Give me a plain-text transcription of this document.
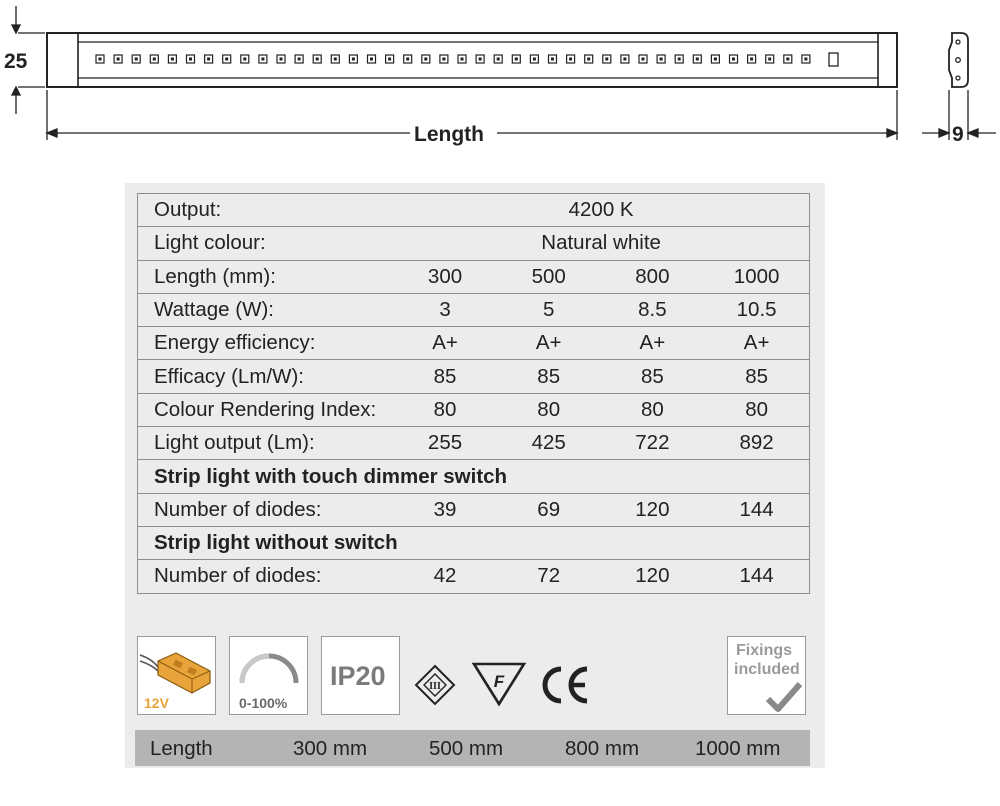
25
Length	9
Output:	4200 K			
Light colour:	Natural white			
Length (mm):	300	500	800	1000
Wattage (W):	3	5	8.5	10.5
Energy efficiency:	A+	A+	A+	A+
Efficacy (Lm/W):	85	85	85	85
Colour Rendering Index:	80	80	80	80
Light output (Lm):	255	425	722	892
Strip light with touch dimmer switch				
Number of diodes:	39	69	120	144
Strip light without switch				
Number of diodes:	42	72	120	144
12V	0-100%
IP20	III	F
Fixings
included
Length	300 mm	500 mm	800 mm	1000 mm
